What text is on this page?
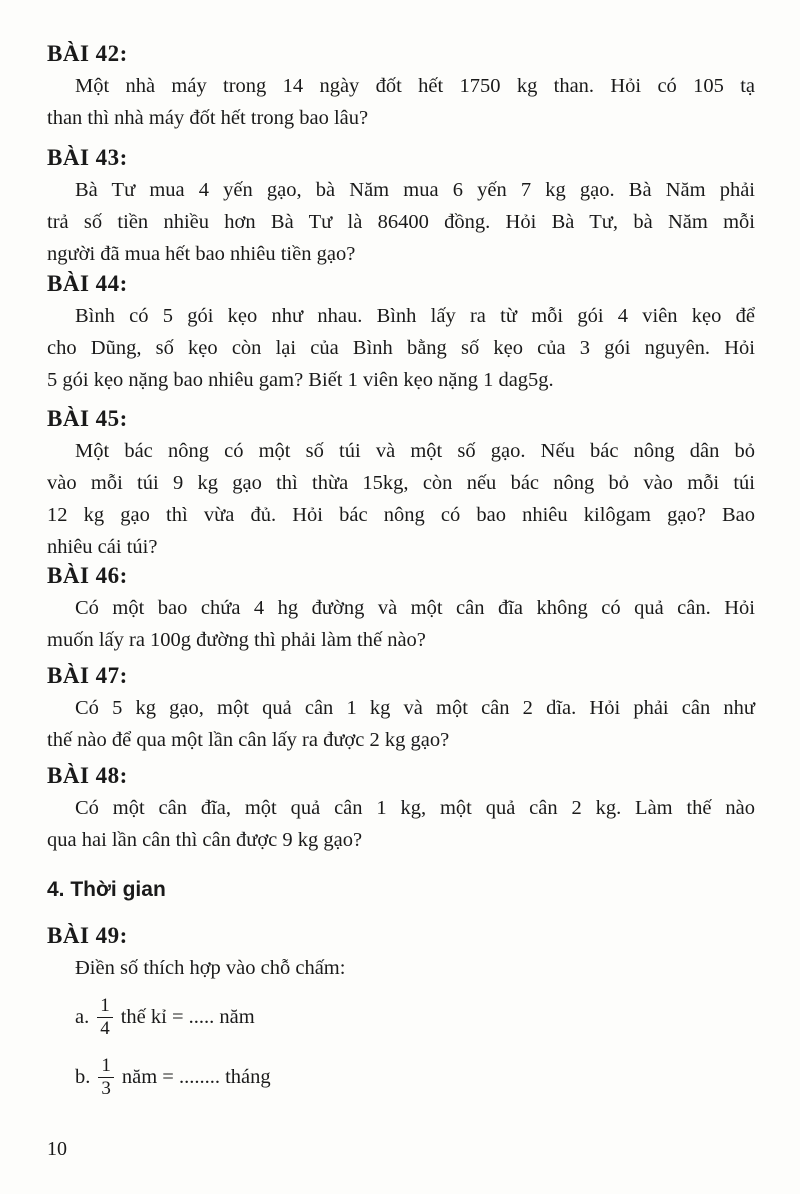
BÀI 42:
Một nhà máy trong 14 ngày đốt hết 1750 kg than. Hỏi có 105 tạ
than thì nhà máy đốt hết trong bao lâu?
BÀI 43:
Bà Tư mua 4 yến gạo, bà Năm mua 6 yến 7 kg gạo. Bà Năm phải
trả số tiền nhiều hơn Bà Tư là 86400 đồng. Hỏi Bà Tư, bà Năm mỗi
người đã mua hết bao nhiêu tiền gạo?
BÀI 44:
Bình có 5 gói kẹo như nhau. Bình lấy ra từ mỗi gói 4 viên kẹo để
cho Dũng, số kẹo còn lại của Bình bằng số kẹo của 3 gói nguyên. Hỏi
5 gói kẹo nặng bao nhiêu gam? Biết 1 viên kẹo nặng 1 dag5g.
BÀI 45:
Một bác nông có một số túi và một số gạo. Nếu bác nông dân bỏ
vào mỗi túi 9 kg gạo thì thừa 15kg, còn nếu bác nông bỏ vào mỗi túi
12 kg gạo thì vừa đủ. Hỏi bác nông có bao nhiêu kilôgam gạo? Bao
nhiêu cái túi?
BÀI 46:
Có một bao chứa 4 hg đường và một cân đĩa không có quả cân. Hỏi
muốn lấy ra 100g đường thì phải làm thế nào?
BÀI 47:
Có 5 kg gạo, một quả cân 1 kg và một cân 2 dĩa. Hỏi phải cân như
thế nào để qua một lần cân lấy ra được 2 kg gạo?
BÀI 48:
Có một cân đĩa, một quả cân 1 kg, một quả cân 2 kg. Làm thế nào
qua hai lần cân thì cân được 9 kg gạo?
4. Thời gian
BÀI 49:
Điền số thích hợp vào chỗ chấm:
a. $\frac{1}{4}$ thế kỉ = ..... năm
b. $\frac{1}{3}$ năm = ........ tháng
10
